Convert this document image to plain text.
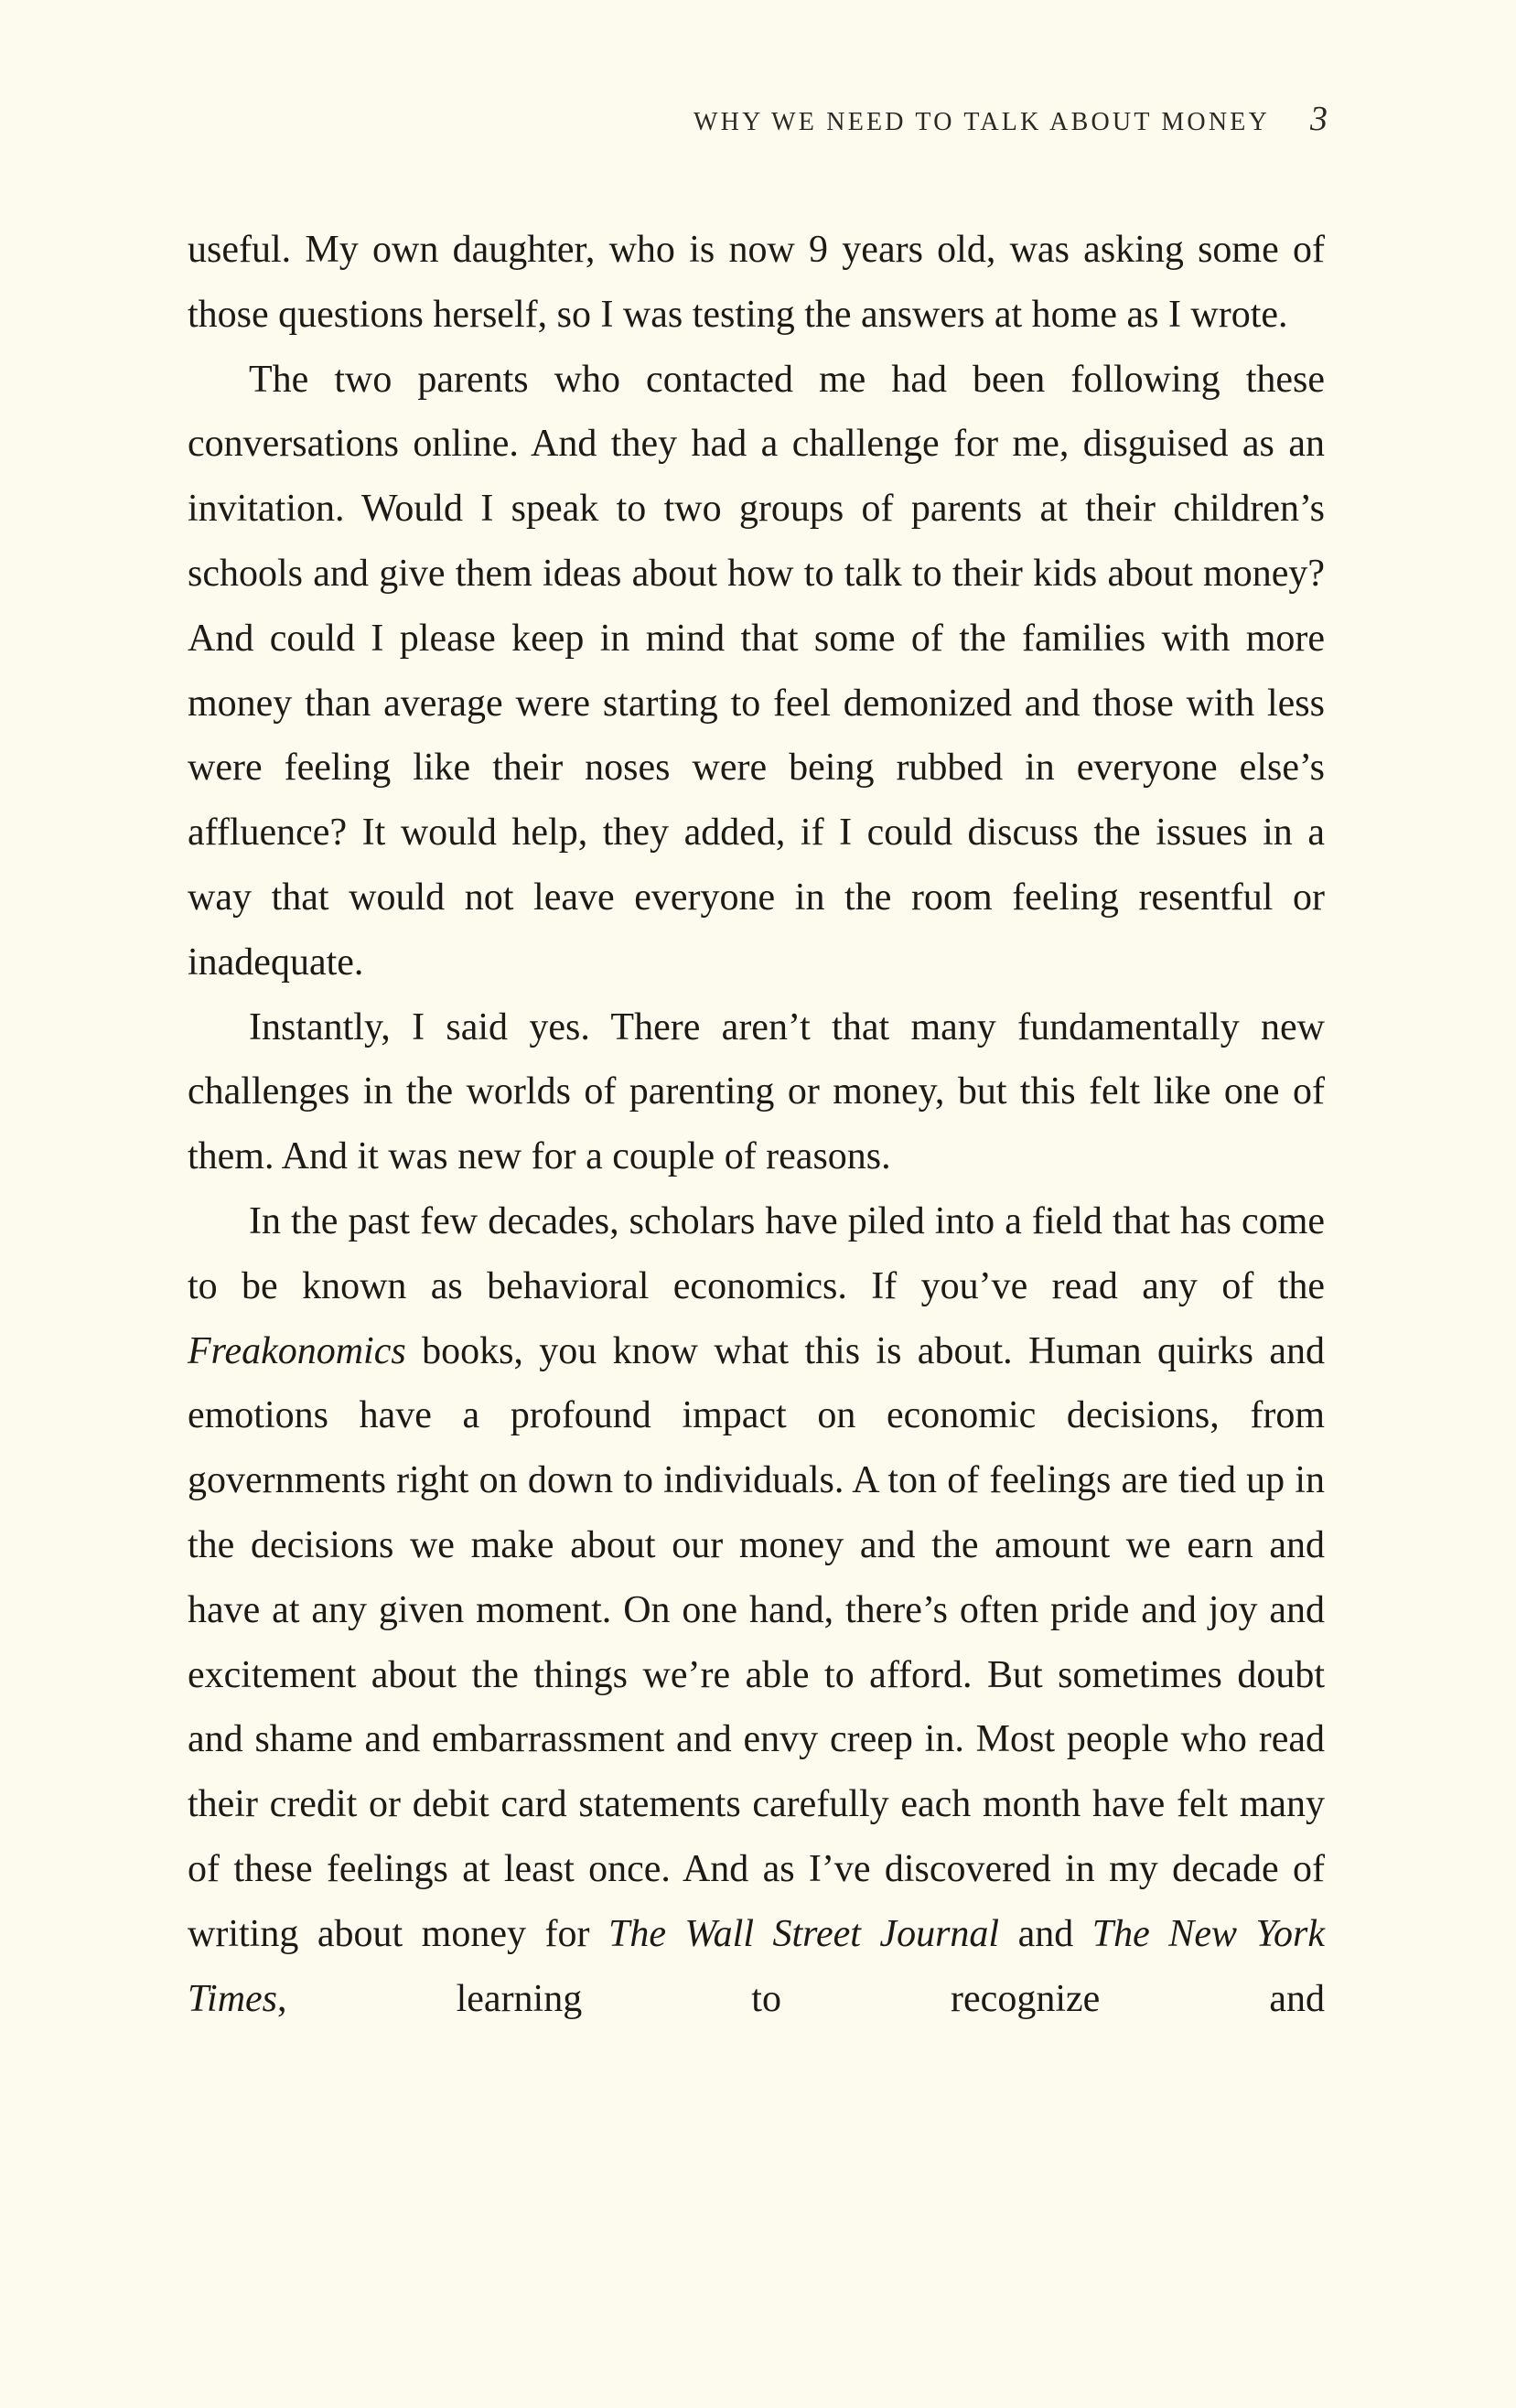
WHY WE NEED TO TALK ABOUT MONEY 3

useful. My own daughter, who is now 9 years old, was asking some of those questions herself, so I was testing the answers at home as I wrote.

The two parents who contacted me had been following these conversations online. And they had a challenge for me, disguised as an invitation. Would I speak to two groups of parents at their children’s schools and give them ideas about how to talk to their kids about money? And could I please keep in mind that some of the families with more money than average were starting to feel demonized and those with less were feeling like their noses were being rubbed in everyone else’s affluence? It would help, they added, if I could discuss the issues in a way that would not leave everyone in the room feeling resentful or inadequate.

Instantly, I said yes. There aren’t that many fundamentally new challenges in the worlds of parenting or money, but this felt like one of them. And it was new for a couple of reasons.

In the past few decades, scholars have piled into a field that has come to be known as behavioral economics. If you’ve read any of the Freakonomics books, you know what this is about. Human quirks and emotions have a profound impact on economic decisions, from governments right on down to individuals. A ton of feelings are tied up in the decisions we make about our money and the amount we earn and have at any given moment. On one hand, there’s often pride and joy and excitement about the things we’re able to afford. But sometimes doubt and shame and embarrassment and envy creep in. Most people who read their credit or debit card statements carefully each month have felt many of these feelings at least once. And as I’ve discovered in my decade of writing about money for The Wall Street Journal and The New York Times, learning to recognize and
